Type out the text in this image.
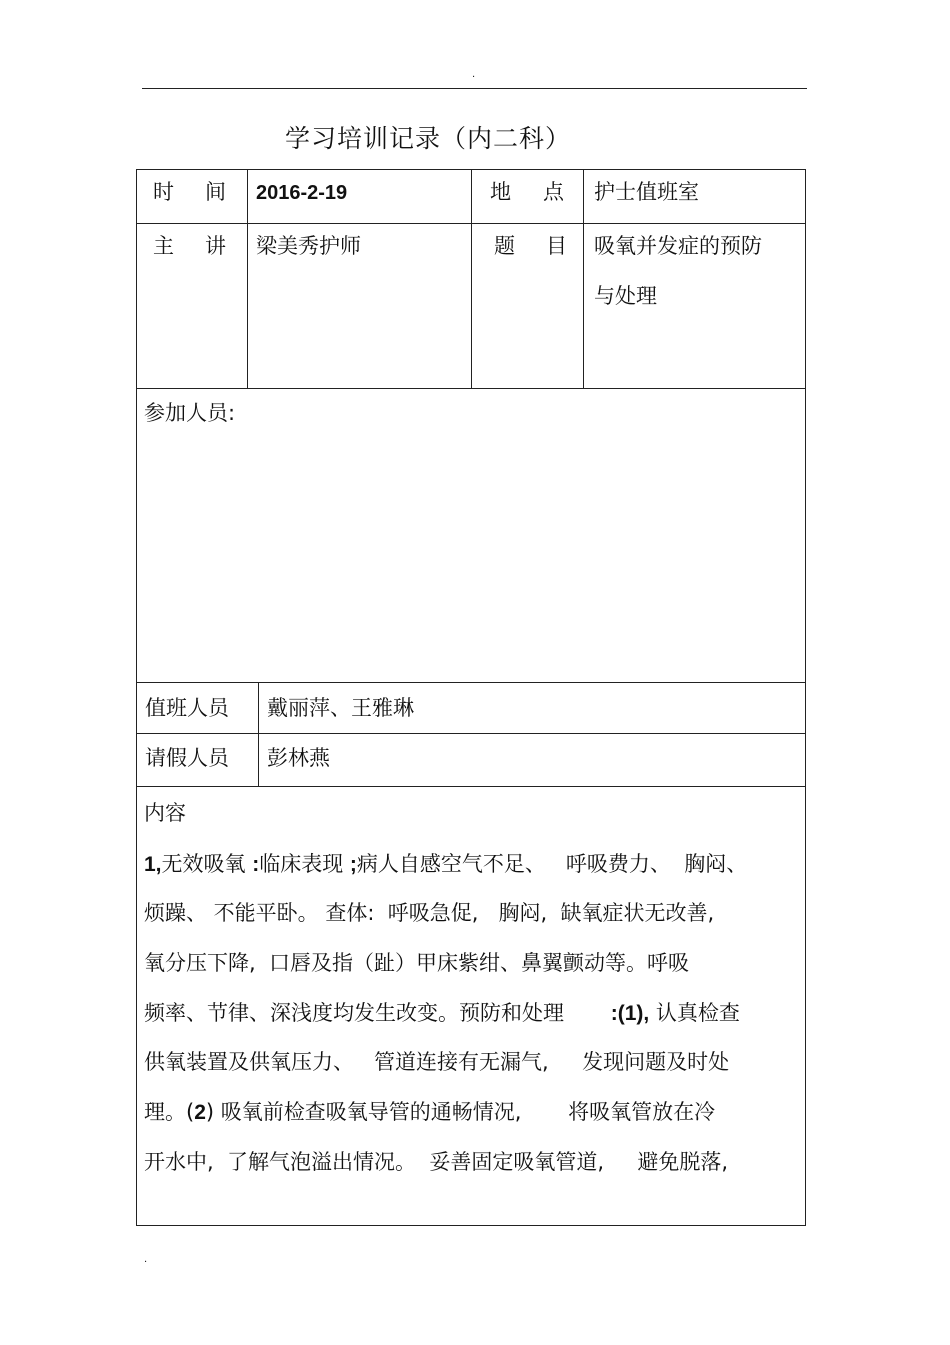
.
学习培训记录（内二科）
时 间 2016-2-19	地 点 护士值班室
主 讲 梁美秀护师	题 目 吸氧并发症的预防
与处理
参加人员:
值班人员 戴丽萍、王雅琳
请假人员 彭林燕
内容
1,无效吸氧 :临床表现 ;病人自感空气不足、   呼吸费力、  胸闷、
烦躁、 不能平卧。 查体:  呼吸急促,   胸闷,  缺氧症状无改善,
氧分压下降,  口唇及指（趾）甲床紫绀、鼻翼颤动等。呼吸
频率、节律、深浅度均发生改变。预防和处理       :(1), 认真检查
供氧装置及供氧压力、   管道连接有无漏气,     发现问题及时处
理。(2) 吸氧前检查吸氧导管的通畅情况,       将吸氧管放在冷
开水中,  了解气泡溢出情况。  妥善固定吸氧管道,     避免脱落,
.
